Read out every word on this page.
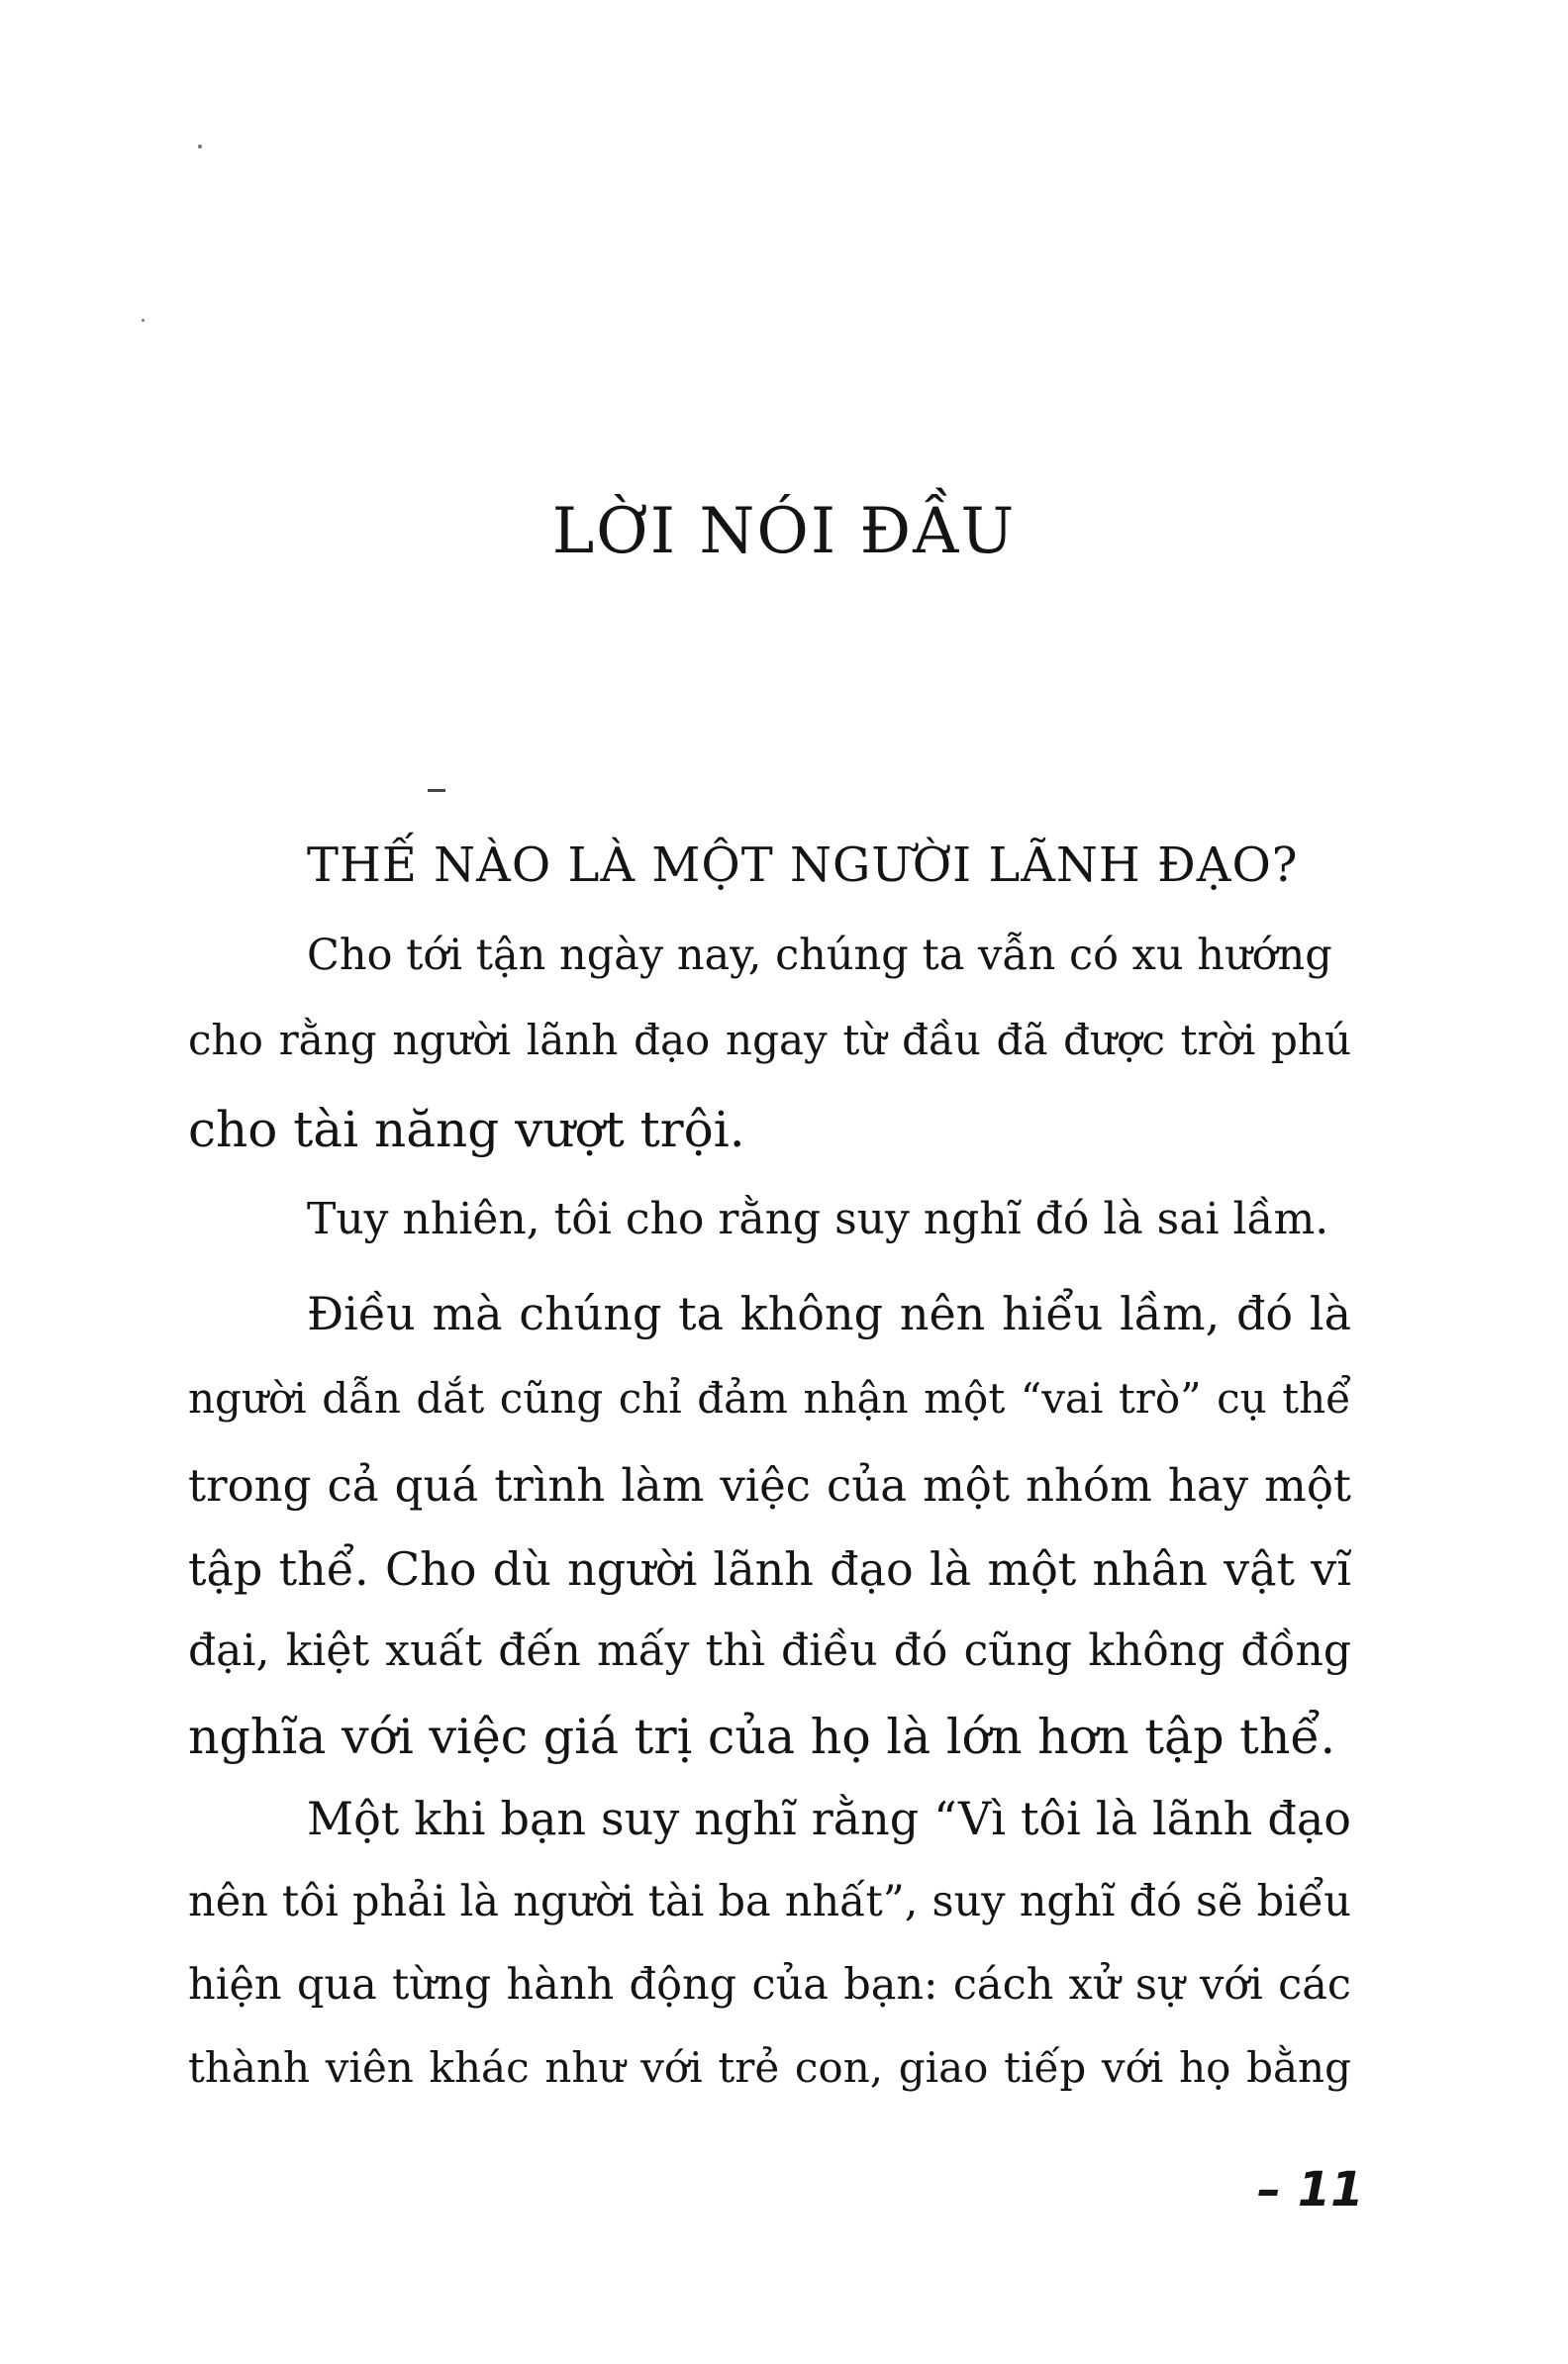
LỜI NÓI ĐẦU
THẾ NÀO LÀ MỘT NGƯỜI LÃNH ĐẠO?
Cho tới tận ngày nay, chúng ta vẫn có xu hướng
cho rằng người lãnh đạo ngay từ đầu đã được trời phú
cho tài năng vượt trội.
Tuy nhiên, tôi cho rằng suy nghĩ đó là sai lầm.
Điều mà chúng ta không nên hiểu lầm, đó là
người dẫn dắt cũng chỉ đảm nhận một “vai trò” cụ thể
trong cả quá trình làm việc của một nhóm hay một
tập thể. Cho dù người lãnh đạo là một nhân vật vĩ
đại, kiệt xuất đến mấy thì điều đó cũng không đồng
nghĩa với việc giá trị của họ là lớn hơn tập thể.
Một khi bạn suy nghĩ rằng “Vì tôi là lãnh đạo
nên tôi phải là người tài ba nhất”, suy nghĩ đó sẽ biểu
hiện qua từng hành động của bạn: cách xử sự với các
thành viên khác như với trẻ con, giao tiếp với họ bằng
– 11
